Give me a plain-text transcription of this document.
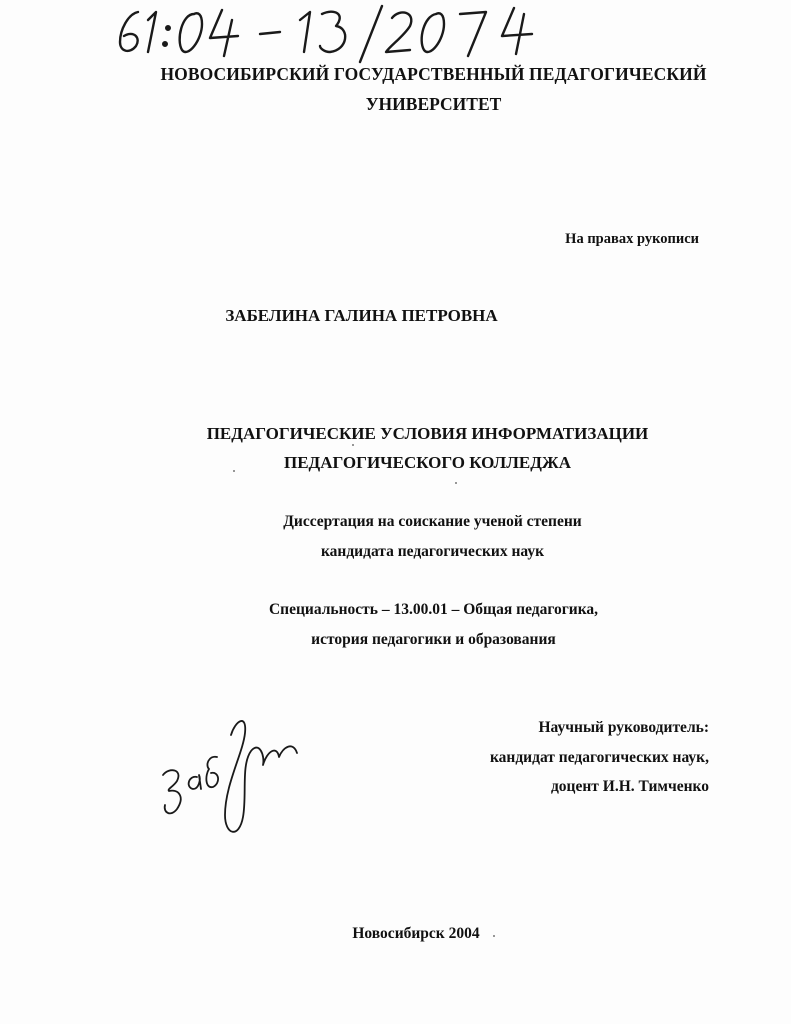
НОВОСИБИРСКИЙ ГОСУДАРСТВЕННЫЙ ПЕДАГОГИЧЕСКИЙ
УНИВЕРСИТЕТ
На правах рукописи
ЗАБЕЛИНА ГАЛИНА ПЕТРОВНА
ПЕДАГОГИЧЕСКИЕ УСЛОВИЯ ИНФОРМАТИЗАЦИИ
ПЕДАГОГИЧЕСКОГО КОЛЛЕДЖА
Диссертация на соискание ученой степени
кандидата педагогических наук
Специальность – 13.00.01 – Общая педагогика,
история педагогики и образования
Научный руководитель:
кандидат педагогических наук,
доцент И.Н. Тимченко
Новосибирск 2004
